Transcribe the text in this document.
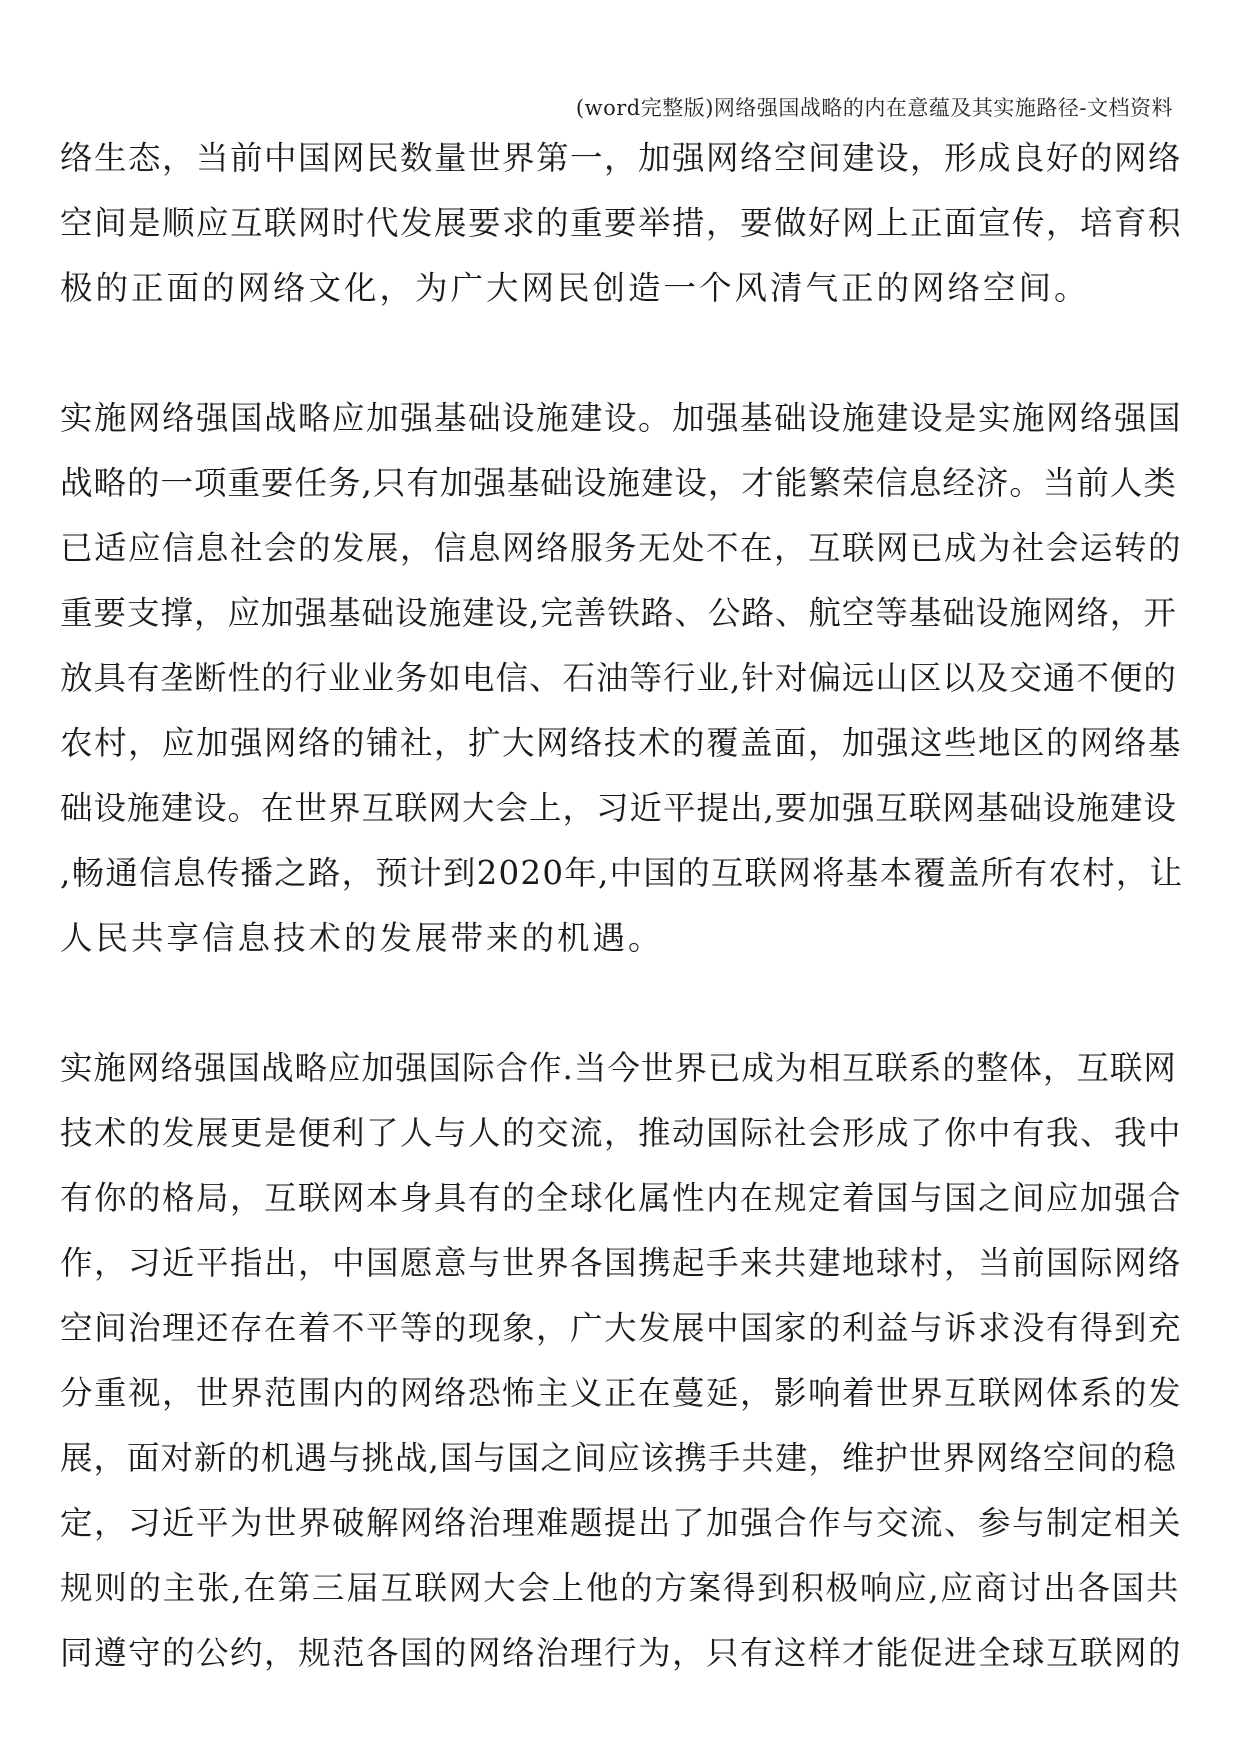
(word完整版)网络强国战略的内在意蕴及其实施路径-文档资料
络生态，当前中国网民数量世界第一，加强网络空间建设，形成良好的网络
空间是顺应互联网时代发展要求的重要举措，要做好网上正面宣传，培育积
极的正面的网络文化，为广大网民创造一个风清气正的网络空间。
实施网络强国战略应加强基础设施建设。加强基础设施建设是实施网络强国
战略的一项重要任务,只有加强基础设施建设，才能繁荣信息经济。当前人类
已适应信息社会的发展，信息网络服务无处不在，互联网已成为社会运转的
重要支撑，应加强基础设施建设,完善铁路、公路、航空等基础设施网络，开
放具有垄断性的行业业务如电信、石油等行业,针对偏远山区以及交通不便的
农村，应加强网络的铺社，扩大网络技术的覆盖面，加强这些地区的网络基
础设施建设。在世界互联网大会上，习近平提出,要加强互联网基础设施建设
,畅通信息传播之路，预计到2020年,中国的互联网将基本覆盖所有农村，让
人民共享信息技术的发展带来的机遇。
实施网络强国战略应加强国际合作.当今世界已成为相互联系的整体，互联网
技术的发展更是便利了人与人的交流，推动国际社会形成了你中有我、我中
有你的格局，互联网本身具有的全球化属性内在规定着国与国之间应加强合
作，习近平指出，中国愿意与世界各国携起手来共建地球村，当前国际网络
空间治理还存在着不平等的现象，广大发展中国家的利益与诉求没有得到充
分重视，世界范围内的网络恐怖主义正在蔓延，影响着世界互联网体系的发
展，面对新的机遇与挑战,国与国之间应该携手共建，维护世界网络空间的稳
定，习近平为世界破解网络治理难题提出了加强合作与交流、参与制定相关
规则的主张,在第三届互联网大会上他的方案得到积极响应,应商讨出各国共
同遵守的公约，规范各国的网络治理行为，只有这样才能促进全球互联网的
